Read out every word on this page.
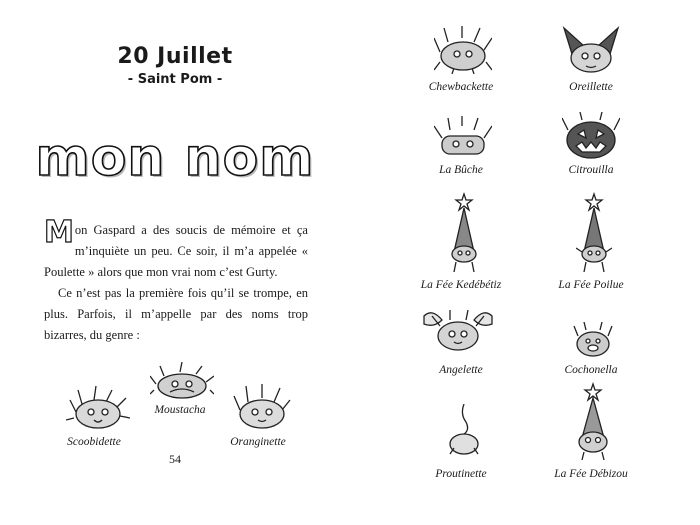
20 Juillet
- Saint Pom -
mon nom

Mon Gaspard a des soucis de mémoire et ça m’inquiète un peu. Ce soir, il m’a appelée « Poulette » alors que mon vrai nom c’est Gurty.

Ce n’est pas la première fois qu’il se trompe, en plus. Parfois, il m’appelle par des noms trop bizarres, du genre :

Scoobidette
Moustacha
Oranginette
54
Chewbackette	Oreillette
La Bûche	Citrouilla
La Fée Kedébétiz	La Fée Poilue
Angelette	Cochonella
Proutinette	La Fée Débizou
